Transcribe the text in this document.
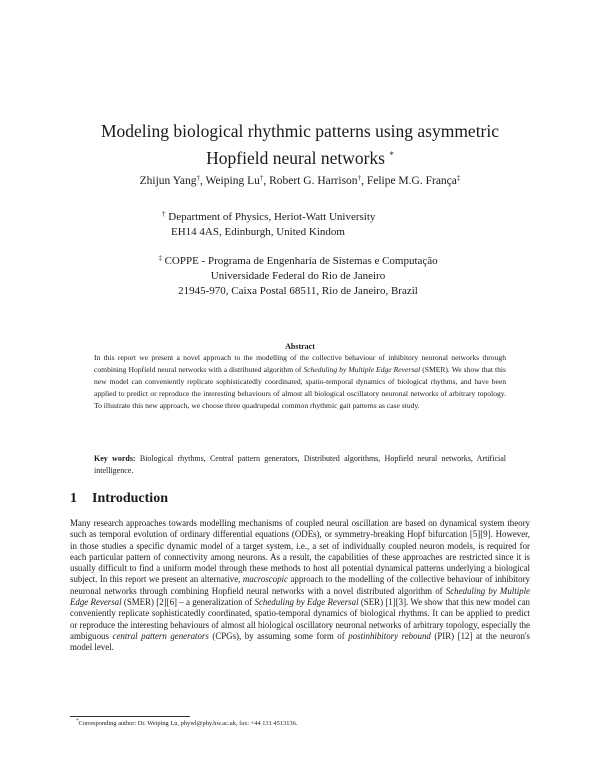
Modeling biological rhythmic patterns using asymmetric
Hopfield neural networks *
Zhijun Yang†, Weiping Lu†, Robert G. Harrison†, Felipe M.G. França‡
† Department of Physics, Heriot-Watt University
EH14 4AS, Edinburgh, United Kindom
‡ COPPE - Programa de Engenharia de Sistemas e Computação
Universidade Federal do Rio de Janeiro
21945-970, Caixa Postal 68511, Rio de Janeiro, Brazil
Abstract
In this report we present a novel approach to the modelling of the collective behaviour of inhibitory neuronal networks through combining Hopfield neural networks with a distributed algorithm of Scheduling by Multiple Edge Reversal (SMER). We show that this new model can conveniently replicate sophisticatedly coordinated, spatio-temporal dynamics of biological rhythms, and have been applied to predict or reproduce the interesting behaviours of almost all biological oscillatory neuronal networks of arbitrary topology. To illustrate this new approach, we choose three quadrupedal common rhythmic gait patterns as case study.
Key words: Biological rhythms, Central pattern generators, Distributed algorithms, Hopfield neural networks, Artificial intelligence.
1 Introduction

Many research approaches towards modelling mechanisms of coupled neural oscillation are based on dynamical system theory such as temporal evolution of ordinary differential equations (ODEs), or symmetry-breaking Hopf bifurcation [5][9]. However, in those studies a specific dynamic model of a target system, i.e., a set of individually coupled neuron models, is required for each particular pattern of connectivity among neurons. As a result, the capabilities of these approaches are restricted since it is usually difficult to find a uniform model through these methods to host all potential dynamical patterns underlying a biological subject. In this report we present an alternative, macroscopic approach to the modelling of the collective behaviour of inhibitory neuronal networks through combining Hopfield neural networks with a novel distributed algorithm of Scheduling by Multiple Edge Reversal (SMER) [2][6] – a generalization of Scheduling by Edge Reversal (SER) [1][3]. We show that this new model can conveniently replicate sophisticatedly coordinated, spatio-temporal dynamics of biological rhythms. It can be applied to predict or reproduce the interesting behaviours of almost all biological oscillatory neuronal networks of arbitrary topology, especially the ambiguous central pattern generators (CPGs), by assuming some form of postinhibitory rebound (PIR) [12] at the neuron's model level.

*Corresponding author: Dr. Weiping Lu, phywl@phy.hw.ac.uk, fax: +44 131 4513136.
